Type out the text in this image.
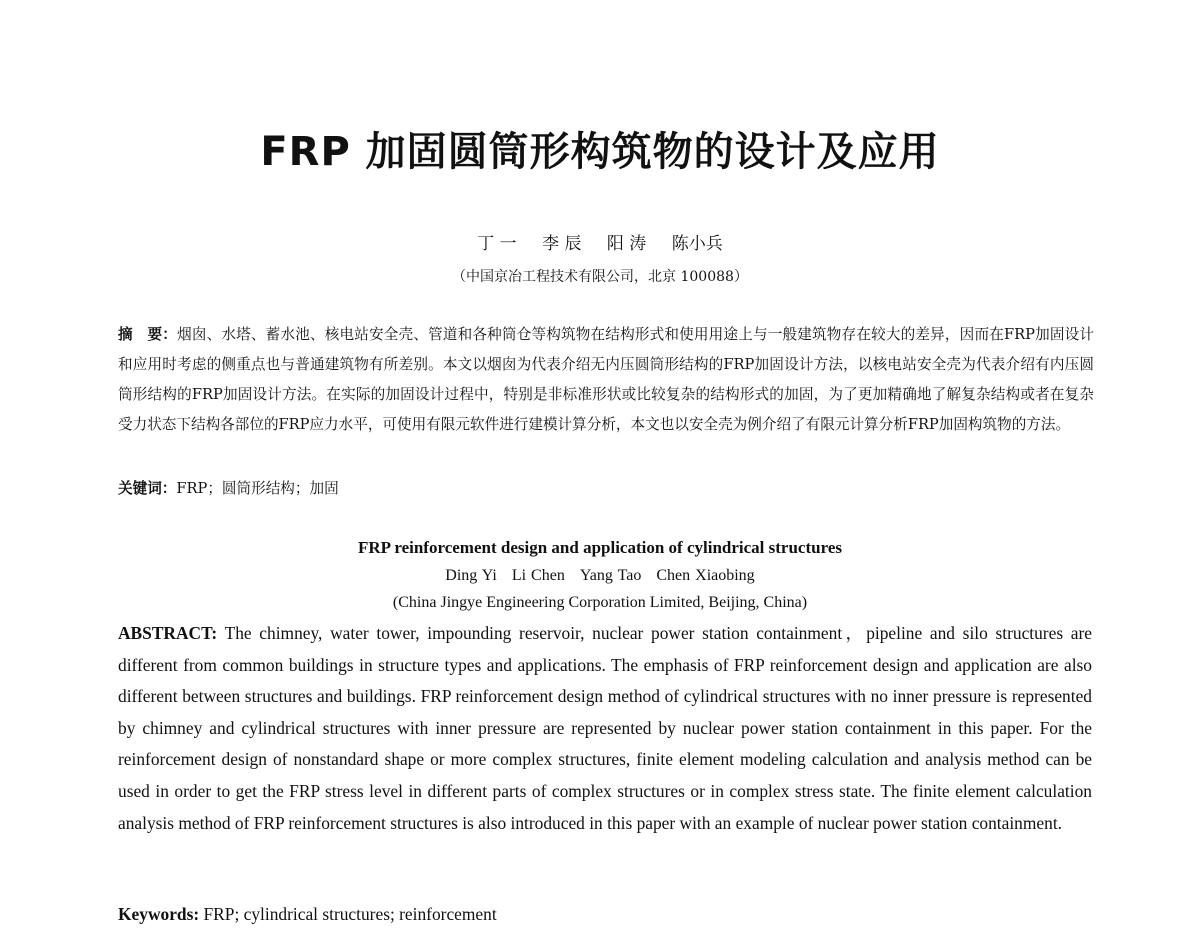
FRP 加固圆筒形构筑物的设计及应用
丁 一 李 辰 阳 涛 陈小兵
（中国京冶工程技术有限公司，北京 100088）
摘　要：烟囱、水塔、蓄水池、核电站安全壳、管道和各种筒仓等构筑物在结构形式和使用用途上与一般建筑物存在较大的差异，因而在FRP加固设计和应用时考虑的侧重点也与普通建筑物有所差别。本文以烟囱为代表介绍无内压圆筒形结构的FRP加固设计方法，以核电站安全壳为代表介绍有内压圆筒形结构的FRP加固设计方法。在实际的加固设计过程中，特别是非标准形状或比较复杂的结构形式的加固，为了更加精确地了解复杂结构或者在复杂受力状态下结构各部位的FRP应力水平，可使用有限元软件进行建模计算分析，本文也以安全壳为例介绍了有限元计算分析FRP加固构筑物的方法。
关键词：FRP；圆筒形结构；加固
FRP reinforcement design and application of cylindrical structures
Ding Yi Li Chen Yang Tao Chen Xiaobing
(China Jingye Engineering Corporation Limited, Beijing, China)
ABSTRACT: The chimney, water tower, impounding reservoir, nuclear power station containment，pipeline and silo structures are different from common buildings in structure types and applications. The emphasis of FRP reinforcement design and application are also different between structures and buildings. FRP reinforcement design method of cylindrical structures with no inner pressure is represented by chimney and cylindrical structures with inner pressure are represented by nuclear power station containment in this paper. For the reinforcement design of nonstandard shape or more complex structures, finite element modeling calculation and analysis method can be used in order to get the FRP stress level in different parts of complex structures or in complex stress state. The finite element calculation analysis method of FRP reinforcement structures is also introduced in this paper with an example of nuclear power station containment.
Keywords: FRP; cylindrical structures; reinforcement
